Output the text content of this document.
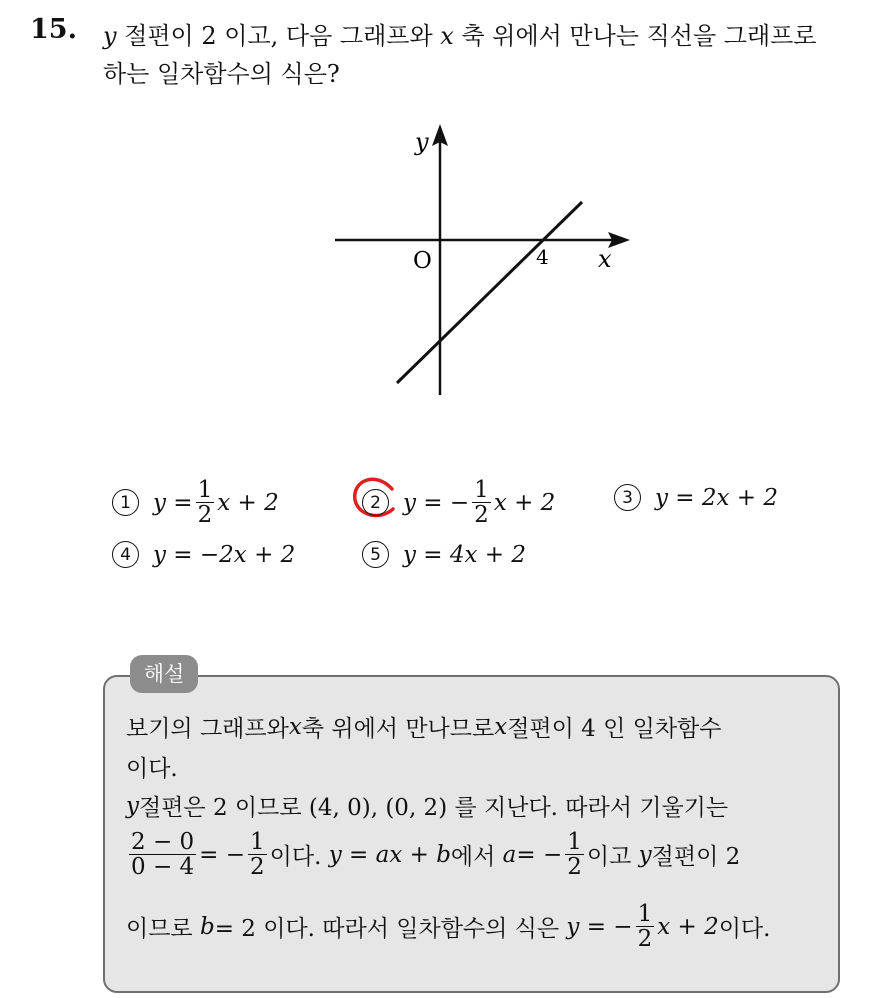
15. y 절편이 2 이고, 다음 그래프와 x 축 위에서 만나는 직선을 그래프로
하는 일차함수의 식은?
y
x
O	4
1 $y = \frac{1}{2}$ x + 2	2 y = − $\frac{1}{2}$ x + 2	3 y = 2x + 2
4 y = −2x + 2	5 y = 4x + 2
해설
보기의 그래프와 x 축 위에서 만나므로 x 절편이 4 인 일차함수
이다.
y 절편은 2 이므로 (4, 0), (0, 2) 를 지난다. 따라서 기울기는
$\frac{2 - 0}{0 - 4}$ = − $\frac{1}{2}$ 이다.
y = ax + b 에서
a = − $\frac{1}{2}$ 이고
y 절편이 2
이므로
b = 2 이다. 따라서 일차함수의 식은
y = − $\frac{1}{2}$ x + 2 이다.
